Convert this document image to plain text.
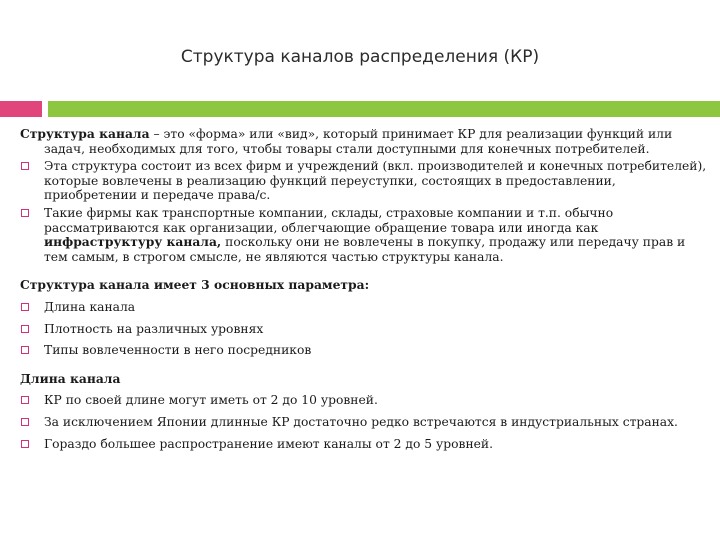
Структура каналов распределения (КР)

Структура канала – это «форма» или «вид», который принимает КР для реализации функций или задач, необходимых для того, чтобы товары стали доступными для конечных потребителей.

Эта структура состоит из всех фирм и учреждений (вкл. производителей и конечных потребителей), которые вовлечены в реализацию функций переуступки, состоящих в предоставлении, приобретении и передаче права/с.
Такие фирмы как транспортные компании, склады, страховые компании и т.п. обычно рассматриваются как организации, облегчающие обращение товара или иногда как инфраструктуру канала, поскольку они не вовлечены в покупку, продажу или передачу прав и тем самым, в строгом смысле, не являются частью структуры канала.

Структура канала имеет 3 основных параметра:

Длина канала
Плотность на различных уровнях
Типы вовлеченности в него посредников

Длина канала

КР по своей длине могут иметь от 2 до 10 уровней.
За исключением Японии длинные КР достаточно редко встречаются в индустриальных странах.
Гораздо большее распространение имеют каналы от 2 до 5 уровней.
